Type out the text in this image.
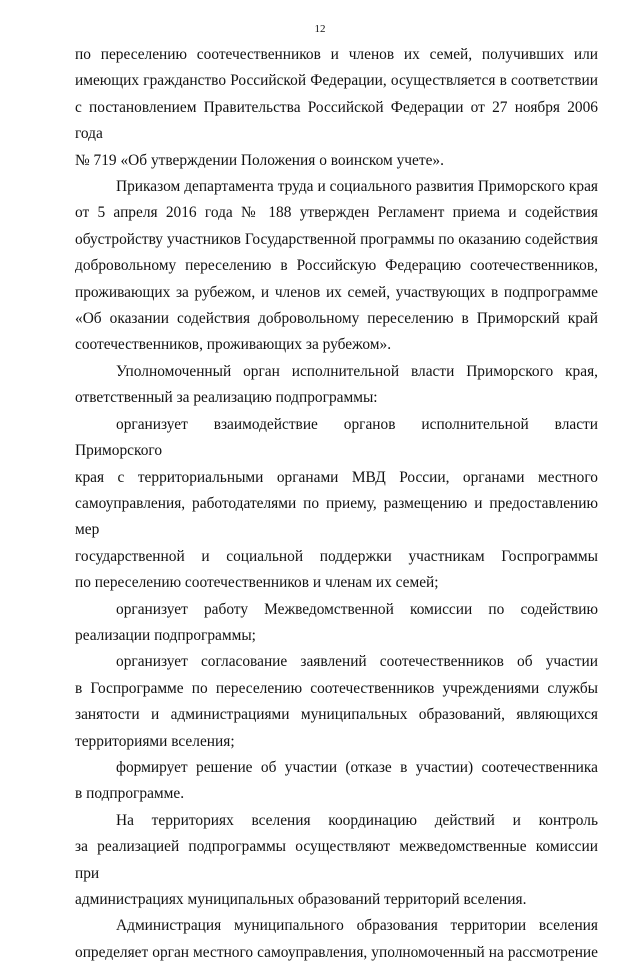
12

по переселению соотечественников и членов их семей, получивших или
имеющих гражданство Российской Федерации, осуществляется в соответствии
с постановлением Правительства Российской Федерации от 27 ноября 2006 года
№ 719 «Об утверждении Положения о воинском учете».

Приказом департамента труда и социального развития Приморского края
от 5 апреля 2016 года № 188 утвержден Регламент приема и содействия
обустройству участников Государственной программы по оказанию содействия
добровольному переселению в Российскую Федерацию соотечественников,
проживающих за рубежом, и членов их семей, участвующих в подпрограмме
«Об оказании содействия добровольному переселению в Приморский край
соотечественников, проживающих за рубежом».

Уполномоченный орган исполнительной власти Приморского края,
ответственный за реализацию подпрограммы:

организует взаимодействие органов исполнительной власти Приморского
края с территориальными органами МВД России, органами местного
самоуправления, работодателями по приему, размещению и предоставлению мер
государственной и социальной поддержки участникам Госпрограммы
по переселению соотечественников и членам их семей;

организует работу Межведомственной комиссии по содействию
реализации подпрограммы;

организует согласование заявлений соотечественников об участии
в Госпрограмме по переселению соотечественников учреждениями службы
занятости и администрациями муниципальных образований, являющихся
территориями вселения;

формирует решение об участии (отказе в участии) соотечественника
в подпрограмме.

На территориях вселения координацию действий и контроль
за реализацией подпрограммы осуществляют межведомственные комиссии при
администрациях муниципальных образований территорий вселения.

Администрация муниципального образования территории вселения
определяет орган местного самоуправления, уполномоченный на рассмотрение
